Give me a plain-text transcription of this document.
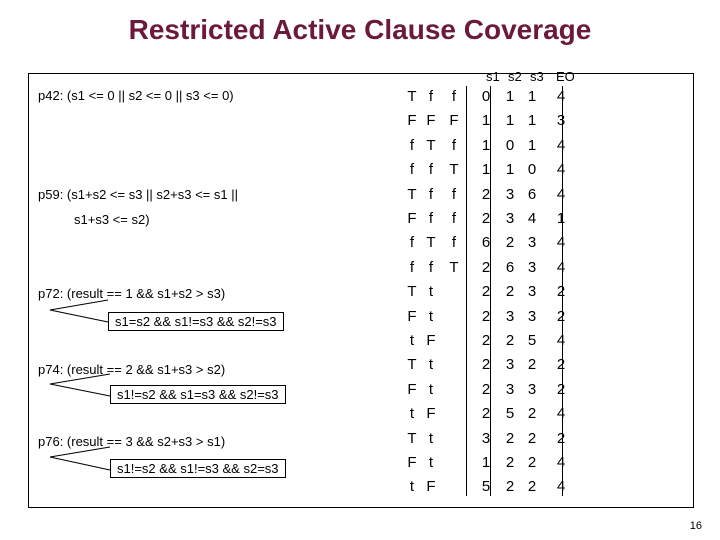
Restricted Active Clause Coverage
p42: (s1 <= 0 || s2 <= 0 || s3 <= 0)
p59: (s1+s2 <= s3 || s2+s3 <= s1 ||
s1+s3 <= s2)
p72: (result == 1 && s1+s2 > s3)
s1=s2 && s1!=s3 && s2!=s3
p74: (result == 2 && s1+s3 > s2)
s1!=s2 && s1=s3 && s2!=s3
p76: (result == 3 && s2+s3 > s1)
s1!=s2 && s1!=s3 && s2=s3
s1 s2 s3 EO
T f	f	0	1 1	4
F F F	1	1 1	3
f T	f	1	0 1	4
f f	T	1	1 0	4
T f	f	2	3 6	4
F f	f	2	3 4	1
f T	f	6	2 3	4
f f	T	2	6 3	4
T t	2	2 3	2
F t	2	3 3	2
t F	2	2 5	4
T t	2	3 2	2
F t	2	3 3	2
t F	2	5 2	4
T t	3	2 2	2
F t	1	2 2	4
t F	5	2 2	4
16
